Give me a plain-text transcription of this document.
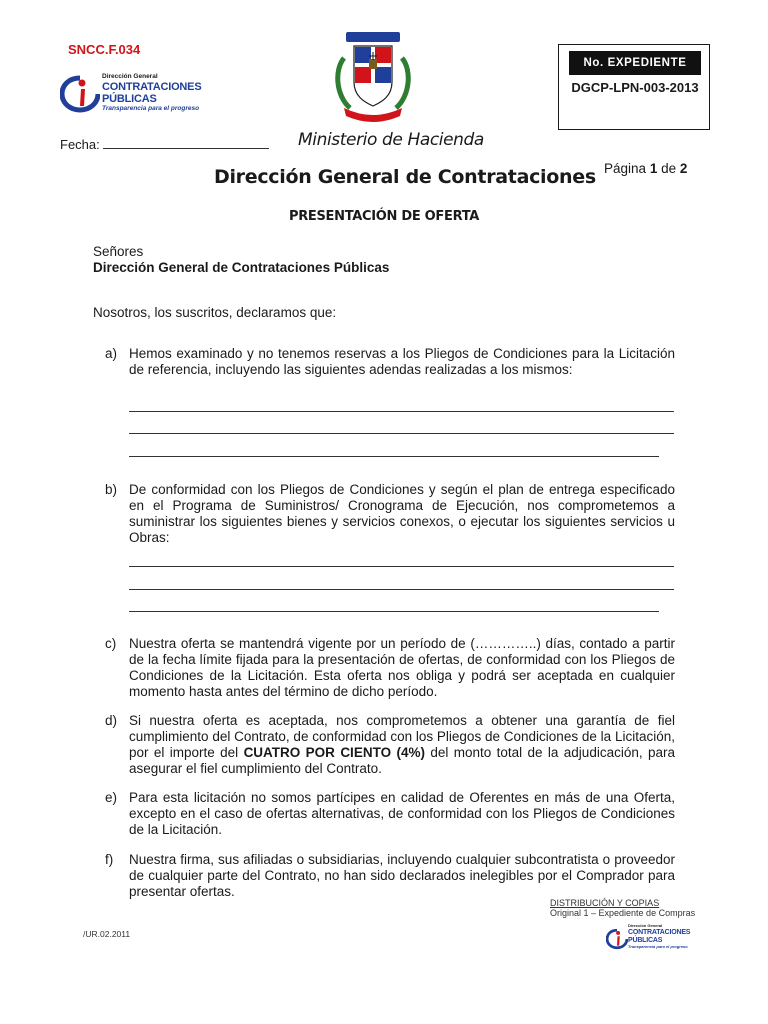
SNCC.F.034
Dirección General
CONTRATACIONES
PÚBLICAS
Transparencia para el progreso
No. EXPEDIENTE
DGCP-LPN-003-2013
Fecha:	Ministerio de Hacienda
Dirección General de Contrataciones Página 1 de 2
PRESENTACIÓN DE OFERTA
Señores
Dirección General de Contrataciones Públicas
Nosotros, los suscritos, declaramos que:
a) Hemos examinado y no tenemos reservas a los Pliegos de Condiciones para la Licitación de referencia, incluyendo las siguientes adendas realizadas a los mismos:
b) De conformidad con los Pliegos de Condiciones y según el plan de entrega especificado en el Programa de Suministros/ Cronograma de Ejecución, nos comprometemos a suministrar los siguientes bienes y servicios conexos, o ejecutar los siguientes servicios u Obras:
c) Nuestra oferta se mantendrá vigente por un período de (…………..) días, contado a partir de la fecha límite fijada para la presentación de ofertas, de conformidad con los Pliegos de Condiciones de la Licitación. Esta oferta nos obliga y podrá ser aceptada en cualquier momento hasta antes del término de dicho período.
d) Si nuestra oferta es aceptada, nos comprometemos a obtener una garantía de fiel cumplimiento del Contrato, de conformidad con los Pliegos de Condiciones de la Licitación, por el importe del CUATRO POR CIENTO (4%) del monto total de la adjudicación, para asegurar el fiel cumplimiento del Contrato.
e) Para esta licitación no somos partícipes en calidad de Oferentes en más de una Oferta, excepto en el caso de ofertas alternativas, de conformidad con los Pliegos de Condiciones de la Licitación.
f) Nuestra firma, sus afiliadas o subsidiarias, incluyendo cualquier subcontratista o proveedor de cualquier parte del Contrato, no han sido declarados inelegibles por el Comprador para presentar ofertas.
DISTRIBUCIÓN Y COPIAS
Original 1 – Expediente de Compras
/UR.02.2011
Dirección General
CONTRATACIONES
PÚBLICAS
Transparencia para el progreso
